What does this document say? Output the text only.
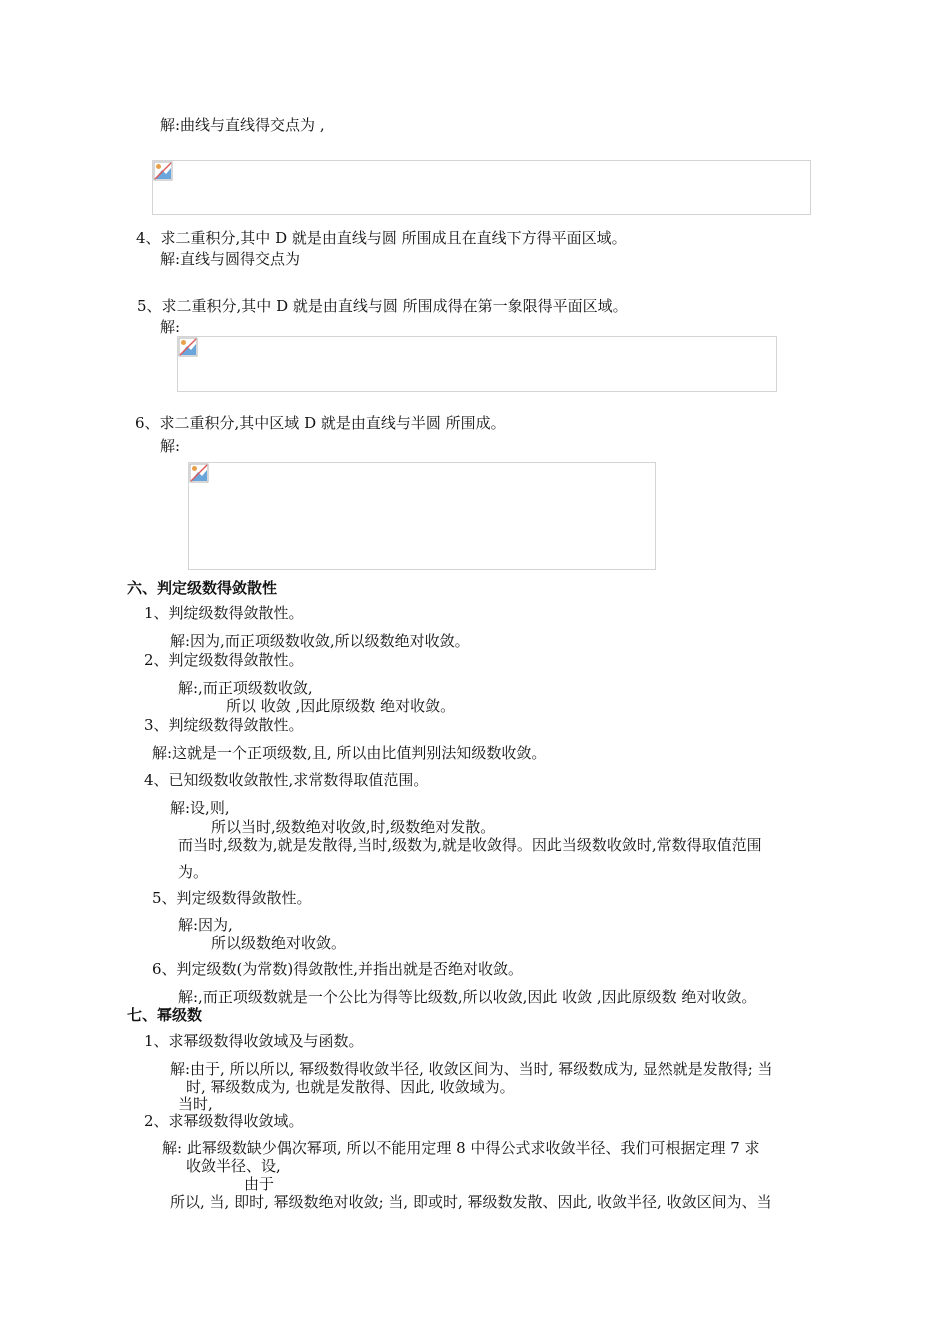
解:曲线与直线得交点为 ,
4、求二重积分,其中 D 就是由直线与圆 所围成且在直线下方得平面区域。
解:直线与圆得交点为
5、求二重积分,其中 D 就是由直线与圆 所围成得在第一象限得平面区域。
解:
6、求二重积分,其中区域 D 就是由直线与半圆 所围成。
解:
六、判定级数得敛散性
1、判绽级数得敛散性。
解:因为,而正项级数收敛,所以级数绝对收敛。
2、判定级数得敛散性。
解:,而正项级数收敛,
所以 收敛 ,因此原级数 绝对收敛。
3、判绽级数得敛散性。
解:这就是一个正项级数,且, 所以由比值判别法知级数收敛。
4、已知级数收敛散性,求常数得取值范围。
解:设,则,
所以当时,级数绝对收敛,时,级数绝对发散。
而当时,级数为,就是发散得,当时,级数为,就是收敛得。因此当级数收敛时,常数得取值范围
为。
5、判定级数得敛散性。
解:因为,
所以级数绝对收敛。
6、判定级数(为常数)得敛散性,并指出就是否绝对收敛。
解:,而正项级数就是一个公比为得等比级数,所以收敛,因此 收敛 ,因此原级数 绝对收敛。
七、幂级数
1、求幂级数得收敛域及与函数。
解:由于, 所以所以, 幂级数得收敛半径, 收敛区间为、当时, 幂级数成为, 显然就是发散得; 当
时, 幂级数成为, 也就是发散得、因此, 收敛域为。
当时,
2、求幂级数得收敛域。
解: 此幂级数缺少偶次幂项, 所以不能用定理 8 中得公式求收敛半径、我们可根据定理 7 求
收敛半径、设,
由于
所以, 当, 即时, 幂级数绝对收敛; 当, 即或时, 幂级数发散、因此, 收敛半径, 收敛区间为、当
